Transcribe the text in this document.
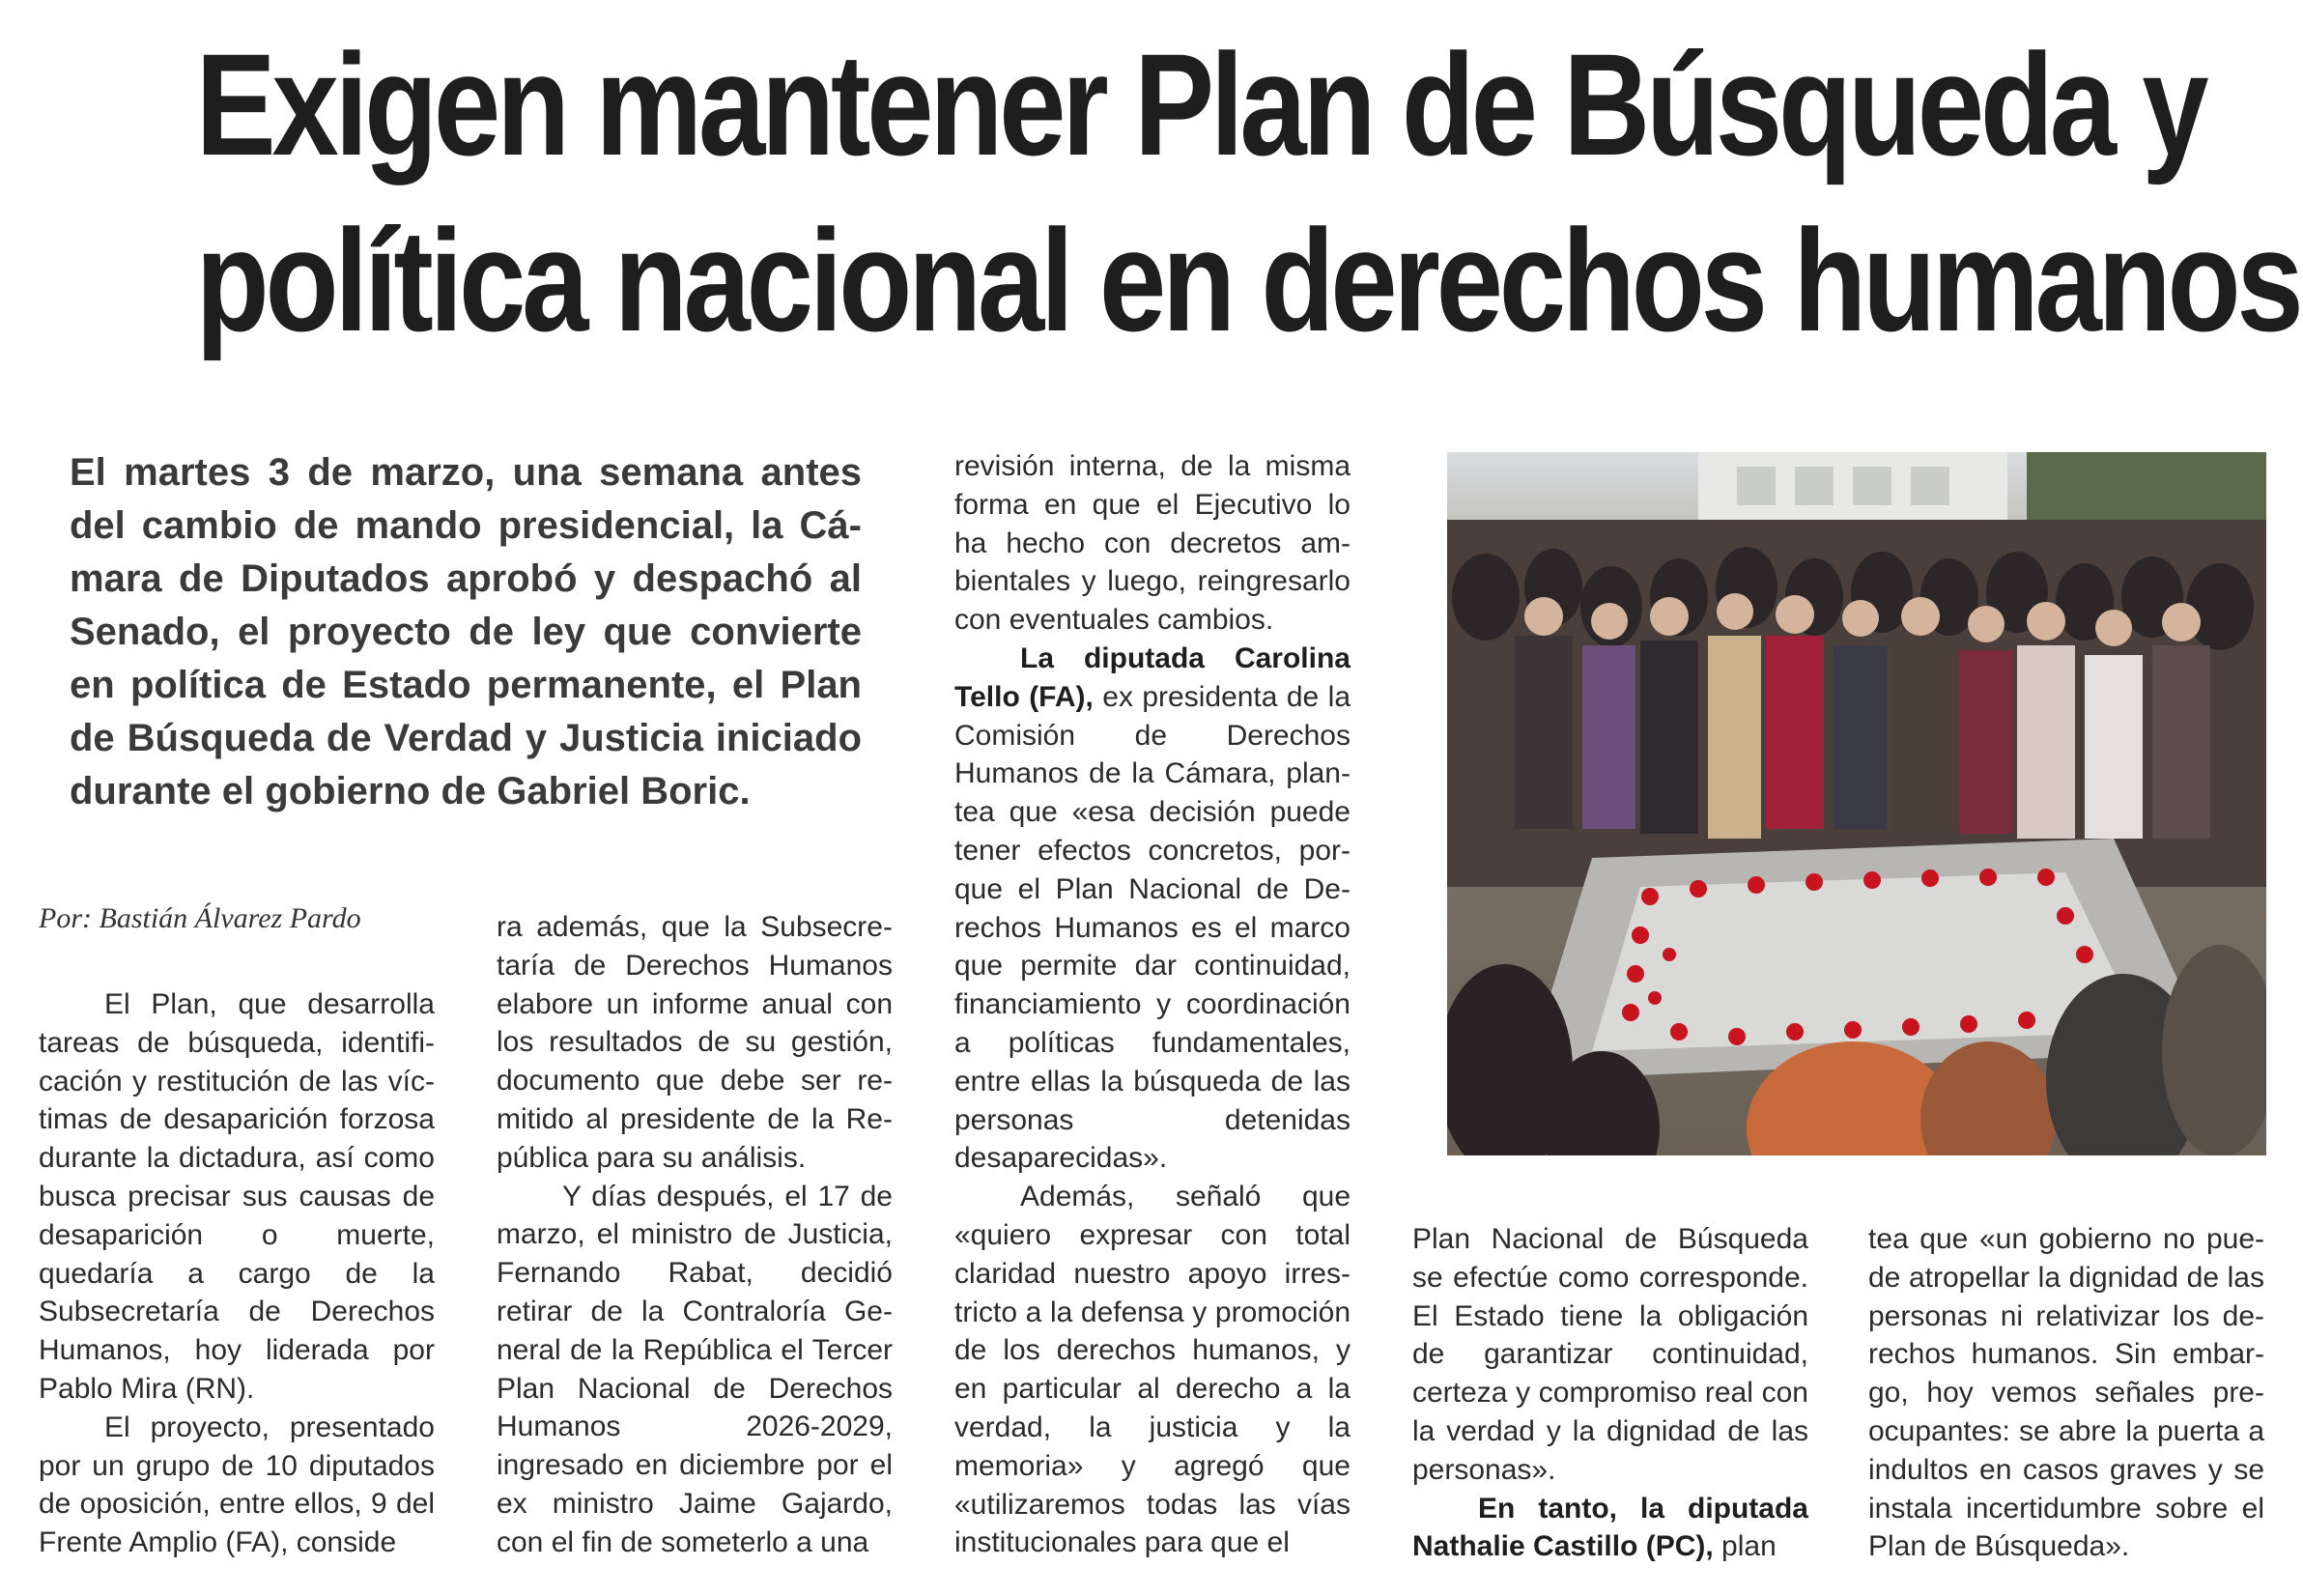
Exigen mantener Plan de Búsqueda y
política nacional en derechos humanos

El martes 3 de marzo, una semana antes del cambio de mando presidencial, la Cámara de Diputados aprobó y despachó al Senado, el proyecto de ley que convierte en política de Estado permanente, el Plan de Búsqueda de Verdad y Justicia iniciado durante el gobierno de Gabriel Boric.

Por: Bastián Álvarez Pardo

El Plan, que desarrolla tareas de búsqueda, identificación y restitución de las víctimas de desaparición forzosa durante la dictadura, así como busca precisar sus causas de desaparición o muerte, quedaría a cargo de la Subsecretaría de Derechos Humanos, hoy liderada por Pablo Mira (RN).

El proyecto, presentado por un grupo de 10 diputados de oposición, entre ellos, 9 del Frente Amplio (FA), conside

ra además, que la Subsecretaría de Derechos Humanos elabore un informe anual con los resultados de su gestión, documento que debe ser remitido al presidente de la República para su análisis.

Y días después, el 17 de marzo, el ministro de Justicia, Fernando Rabat, decidió retirar de la Contraloría General de la República el Tercer Plan Nacional de Derechos Humanos 2026-2029, ingresado en diciembre por el ex ministro Jaime Gajardo, con el fin de someterlo a una

revisión interna, de la misma forma en que el Ejecutivo lo ha hecho con decretos ambientales y luego, reingresarlo con eventuales cambios.

La diputada Carolina Tello (FA), ex presidenta de la Comisión de Derechos Humanos de la Cámara, plantea que «esa decisión puede tener efectos concretos, porque el Plan Nacional de Derechos Humanos es el marco que permite dar continuidad, financiamiento y coordinación a políticas fundamentales, entre ellas la búsqueda de las personas detenidas desaparecidas».

Además, señaló que «quiero expresar con total claridad nuestro apoyo irrestricto a la defensa y promoción de los derechos humanos, y en particular al derecho a la verdad, la justicia y la memoria» y agregó que «utilizaremos todas las vías institucionales para que el

Plan Nacional de Búsqueda se efectúe como corresponde. El Estado tiene la obligación de garantizar continuidad, certeza y compromiso real con la verdad y la dignidad de las personas».

En tanto, la diputada Nathalie Castillo (PC), plan

tea que «un gobierno no puede atropellar la dignidad de las personas ni relativizar los derechos humanos. Sin embargo, hoy vemos señales preocupantes: se abre la puerta a indultos en casos graves y se instala incertidumbre sobre el Plan de Búsqueda».
